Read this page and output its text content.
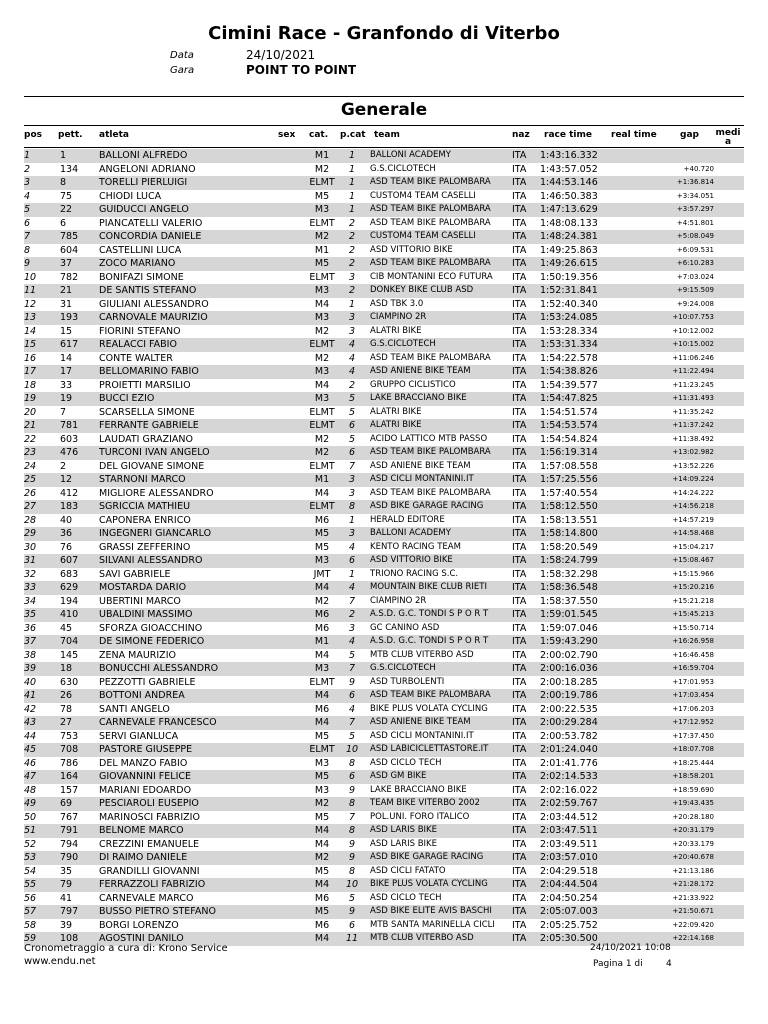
Cimini Race - Granfondo di Viterbo
Data	24/10/2021
Gara	POINT TO POINT
Generale
pos pett. atleta	sex cat. p.cat team	naz race time real time	gap media
1	1	BALLONI ALFREDO	M1	1	BALLONI ACADEMY	ITA 1:43:16.332
2	134 ANGELONI ADRIANO	M2	1	G.S.CICLOTECH	ITA 1:43:57.052	+40.720
3	8	TORELLI PIERLUIGI	ELMT	1	ASD TEAM BIKE PALOMBARA ITA 1:44:53.146	+1:36.814
4	75	CHIODI LUCA	M5	1	CUSTOM4 TEAM CASELLI	ITA 1:46:50.383	+3:34.051
5	22	GUIDUCCI ANGELO	M3	1	ASD TEAM BIKE PALOMBARA ITA 1:47:13.629	+3:57.297
6	6	PIANCATELLI VALERIO	ELMT	2	ASD TEAM BIKE PALOMBARA ITA 1:48:08.133	+4:51.801
7	785 CONCORDIA DANIELE	M2	2	CUSTOM4 TEAM CASELLI	ITA 1:48:24.381	+5:08.049
8	604 CASTELLINI LUCA	M1	2	ASD VITTORIO BIKE	ITA 1:49:25.863	+6:09.531
9	37	ZOCO MARIANO	M5	2	ASD TEAM BIKE PALOMBARA ITA 1:49:26.615	+6:10.283
10	782 BONIFAZI SIMONE	ELMT	3	CIB MONTANINI ECO FUTURA ITA 1:50:19.356	+7:03.024
11	21	DE SANTIS STEFANO	M3	2	DONKEY BIKE CLUB ASD	ITA 1:52:31.841	+9:15.509
12	31	GIULIANI ALESSANDRO	M4	1	ASD TBK 3.0	ITA 1:52:40.340	+9:24.008
13	193 CARNOVALE MAURIZIO	M3	3	CIAMPINO 2R	ITA 1:53:24.085	+10:07.753
14	15	FIORINI STEFANO	M2	3	ALATRI BIKE	ITA 1:53:28.334	+10:12.002
15	617 REALACCI FABIO	ELMT	4	G.S.CICLOTECH	ITA 1:53:31.334	+10:15.002
16	14	CONTE WALTER	M2	4	ASD TEAM BIKE PALOMBARA ITA 1:54:22.578	+11:06.246
17	17	BELLOMARINO FABIO	M3	4	ASD ANIENE BIKE TEAM	ITA 1:54:38.826	+11:22.494
18	33	PROIETTI MARSILIO	M4	2	GRUPPO CICLISTICO	ITA 1:54:39.577	+11:23.245
19	19	BUCCI EZIO	M3	5	LAKE BRACCIANO BIKE	ITA 1:54:47.825	+11:31.493
20	7	SCARSELLA SIMONE	ELMT	5	ALATRI BIKE	ITA 1:54:51.574	+11:35.242
21	781 FERRANTE GABRIELE	ELMT	6	ALATRI BIKE	ITA 1:54:53.574	+11:37.242
22	603 LAUDATI GRAZIANO	M2	5	ACIDO LATTICO MTB PASSO	ITA 1:54:54.824	+11:38.492
23	476 TURCONI IVAN ANGELO	M2	6	ASD TEAM BIKE PALOMBARA ITA 1:56:19.314	+13:02.982
24	2	DEL GIOVANE SIMONE	ELMT	7	ASD ANIENE BIKE TEAM	ITA 1:57:08.558	+13:52.226
25	12	STARNONI MARCO	M1	3	ASD CICLI MONTANINI.IT	ITA 1:57:25.556	+14:09.224
26	412 MIGLIORE ALESSANDRO	M4	3	ASD TEAM BIKE PALOMBARA ITA 1:57:40.554	+14:24.222
27	183 SGRICCIA MATHIEU	ELMT	8	ASD BIKE GARAGE RACING	ITA 1:58:12.550	+14:56.218
28	40	CAPONERA ENRICO	M6	1	HERALD EDITORE	ITA 1:58:13.551	+14:57.219
29	36	INGEGNERI GIANCARLO	M5	3	BALLONI ACADEMY	ITA 1:58:14.800	+14:58.468
30	76	GRASSI ZEFFERINO	M5	4	KENTO RACING TEAM	ITA 1:58:20.549	+15:04.217
31	607 SILVANI ALESSANDRO	M3	6	ASD VITTORIO BIKE	ITA 1:58:24.799	+15:08.467
32	683 SAVI GABRIELE	JMT	1	TRIONO RACING S.C.	ITA 1:58:32.298	+15:15.966
33	629 MOSTARDA DARIO	M4	4	MOUNTAIN BIKE CLUB RIETI	ITA 1:58:36.548	+15:20.216
34	194 UBERTINI MARCO	M2	7	CIAMPINO 2R	ITA 1:58:37.550	+15:21.218
35	410 UBALDINI MASSIMO	M6	2	A.S.D. G.C. TONDI S P O R T	ITA 1:59:01.545	+15:45.213
36	45	SFORZA GIOACCHINO	M6	3	GC CANINO ASD	ITA 1:59:07.046	+15:50.714
37	704 DE SIMONE FEDERICO	M1	4	A.S.D. G.C. TONDI S P O R T	ITA 1:59:43.290	+16:26.958
38	145 ZENA MAURIZIO	M4	5	MTB CLUB VITERBO ASD	ITA 2:00:02.790	+16:46.458
39	18	BONUCCHI ALESSANDRO	M3	7	G.S.CICLOTECH	ITA 2:00:16.036	+16:59.704
40	630 PEZZOTTI GABRIELE	ELMT	9	ASD TURBOLENTI	ITA 2:00:18.285	+17:01.953
41	26	BOTTONI ANDREA	M4	6	ASD TEAM BIKE PALOMBARA ITA 2:00:19.786	+17:03.454
42	78	SANTI ANGELO	M6	4	BIKE PLUS VOLATA CYCLING	ITA 2:00:22.535	+17:06.203
43	27	CARNEVALE FRANCESCO	M4	7	ASD ANIENE BIKE TEAM	ITA 2:00:29.284	+17:12.952
44	753 SERVI GIANLUCA	M5	5	ASD CICLI MONTANINI.IT	ITA 2:00:53.782	+17:37.450
45	708 PASTORE GIUSEPPE	ELMT	10 ASD LABICICLETTASTORE.IT ITA 2:01:24.040	+18:07.708
46	786 DEL MANZO FABIO	M3	8	ASD CICLO TECH	ITA 2:01:41.776	+18:25.444
47	164 GIOVANNINI FELICE	M5	6	ASD GM BIKE	ITA 2:02:14.533	+18:58.201
48	157 MARIANI EDOARDO	M3	9	LAKE BRACCIANO BIKE	ITA 2:02:16.022	+18:59.690
49	69	PESCIAROLI EUSEPIO	M2	8	TEAM BIKE VITERBO 2002	ITA 2:02:59.767	+19:43.435
50	767 MARINOSCI FABRIZIO	M5	7	POL.UNI. FORO ITALICO	ITA 2:03:44.512	+20:28.180
51	791 BELNOME MARCO	M4	8	ASD LARIS BIKE	ITA 2:03:47.511	+20:31.179
52	794 CREZZINI EMANUELE	M4	9	ASD LARIS BIKE	ITA 2:03:49.511	+20:33.179
53	790 DI RAIMO DANIELE	M2	9	ASD BIKE GARAGE RACING	ITA 2:03:57.010	+20:40.678
54	35	GRANDILLI GIOVANNI	M5	8	ASD CICLI FATATO	ITA 2:04:29.518	+21:13.186
55	79	FERRAZZOLI FABRIZIO	M4	10 BIKE PLUS VOLATA CYCLING	ITA 2:04:44.504	+21:28.172
56	41	CARNEVALE MARCO	M6	5	ASD CICLO TECH	ITA 2:04:50.254	+21:33.922
57	797 BUSSO PIETRO STEFANO	M5	9	ASD BIKE ELITE AVIS BASCHI ITA 2:05:07.003	+21:50.671
58	39	BORGI LORENZO	M6	6	MTB SANTA MARINELLA CICLI ITA 2:05:25.752	+22:09.420
59	108 AGOSTINI DANILO	M4	11 MTB CLUB VITERBO ASD	ITA 2:05:30.500	+22:14.168
Cronometraggio a cura di: Krono Service
www.endu.net
24/10/2021 10:08
Pagina 1 di	4
